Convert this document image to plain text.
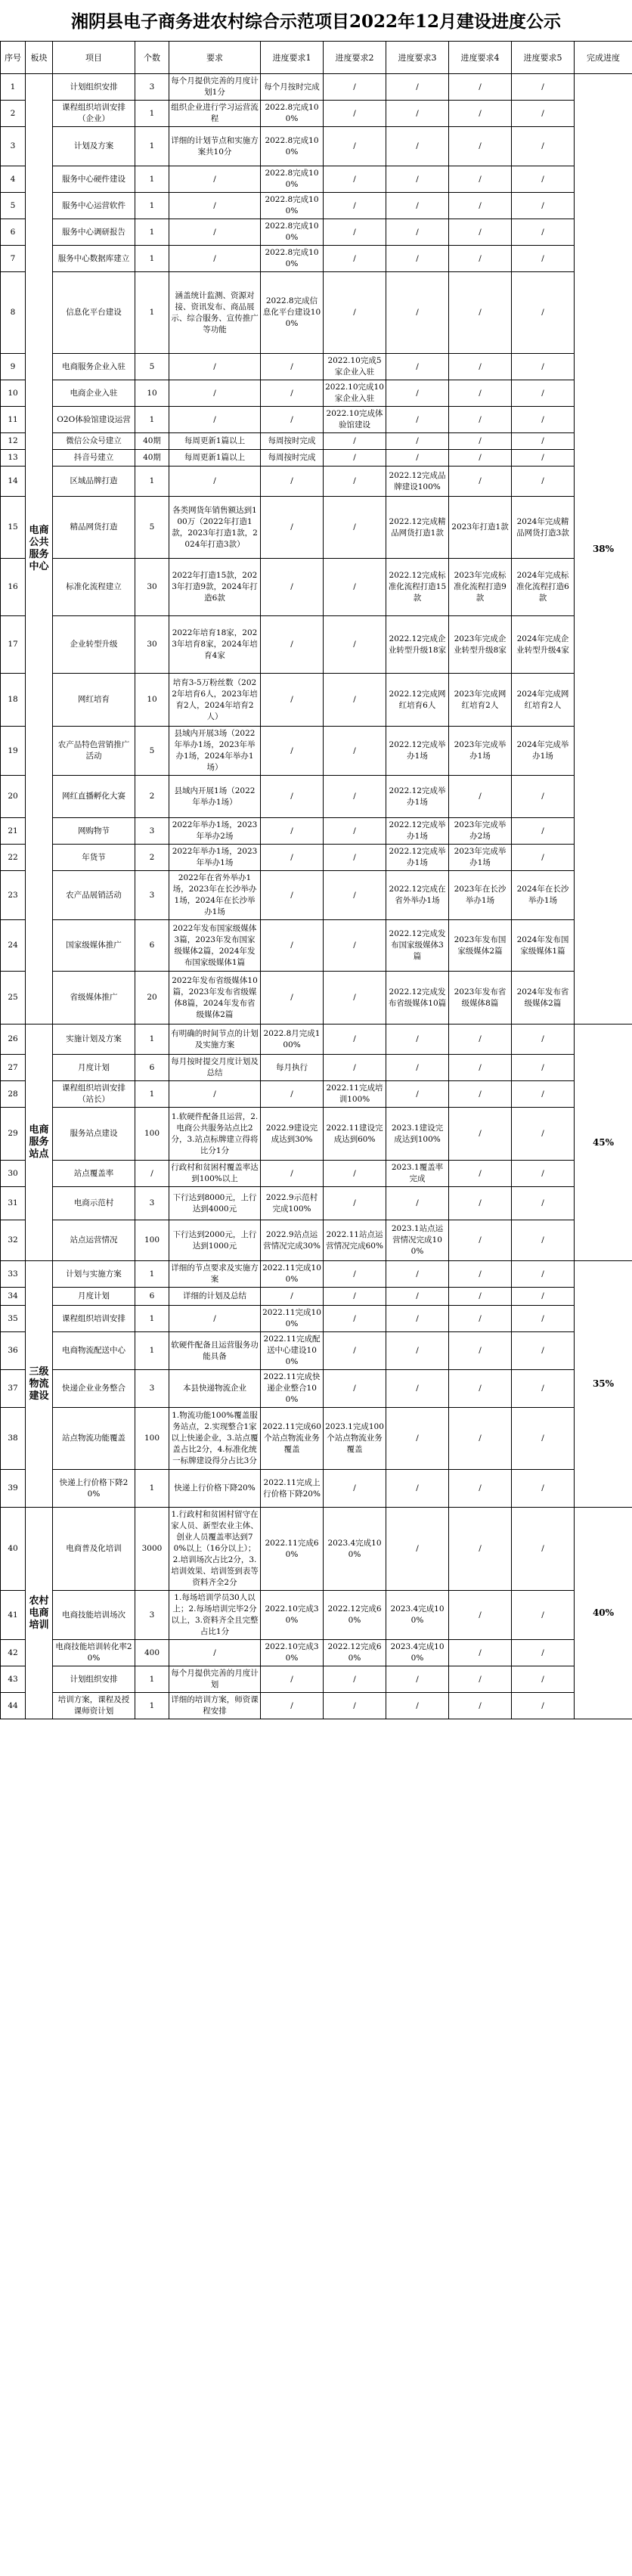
湘阴县电子商务进农村综合示范项目2022年12月建设进度公示
序号	板块	项目	个数	要求	进度要求1	进度要求2	进度要求3	进度要求4	进度要求5	完成进度
1	电商公共服务中心	计划组织安排	3	每个月提供完善的月度计划1分	每个月按时完成	/	/	/	/	38%
2		课程组织培训安排（企业）	1	组织企业进行学习运营流程	2022.8完成100%	/	/	/	/	
3		计划及方案	1	详细的计划节点和实施方案共10分	2022.8完成100%	/	/	/	/	
4		服务中心硬件建设	1	/	2022.8完成100%	/	/	/	/	
5		服务中心运营软件	1	/	2022.8完成100%	/	/	/	/	
6		服务中心调研报告	1	/	2022.8完成100%	/	/	/	/	
7		服务中心数据库建立	1	/	2022.8完成100%	/	/	/	/	
8		信息化平台建设	1	涵盖统计监测、资源对接、资讯发布、商品展示、综合服务、宣传推广等功能	2022.8完成信息化平台建设100%	/	/	/	/	
9		电商服务企业入驻	5	/	/	2022.10完成5家企业入驻	/	/	/	
10		电商企业入驻	10	/	/	2022.10完成10家企业入驻	/	/	/	
11		O2O体验馆建设运营	1	/	/	2022.10完成体验馆建设	/	/	/	
12		微信公众号建立	40期	每周更新1篇以上	每周按时完成	/	/	/	/	
13		抖音号建立	40期	每周更新1篇以上	每周按时完成	/	/	/	/	
14		区域品牌打造	1	/	/	/	2022.12完成品牌建设100%	/	/	
15		精品网货打造	5	各类网货年销售额达到100万（2022年打造1款，2023年打造1款，2024年打造3款）	/	/	2022.12完成精品网货打造1款	2023年打造1款	2024年完成精品网货打造3款	
16		标准化流程建立	30	2022年打造15款，2023年打造9款，2024年打造6款	/	/	2022.12完成标准化流程打造15款	2023年完成标准化流程打造9款	2024年完成标准化流程打造6款	
17		企业转型升级	30	2022年培育18家，2023年培育8家，2024年培育4家	/	/	2022.12完成企业转型升级18家	2023年完成企业转型升级8家	2024年完成企业转型升级4家	
18		网红培育	10	培育3-5万粉丝数（2022年培育6人，2023年培育2人，2024年培育2人）	/	/	2022.12完成网红培育6人	2023年完成网红培育2人	2024年完成网红培育2人	
19		农产品特色营销推广活动	5	县域内开展3场（2022年举办1场，2023年举办1场，2024年举办1场）	/	/	2022.12完成举办1场	2023年完成举办1场	2024年完成举办1场	
20		网红直播孵化大赛	2	县域内开展1场（2022年举办1场）	/	/	2022.12完成举办1场	/	/	
21		网购物节	3	2022年举办1场，2023年举办2场	/	/	2022.12完成举办1场	2023年完成举办2场	/	
22		年货节	2	2022年举办1场，2023年举办1场	/	/	2022.12完成举办1场	2023年完成举办1场	/	
23		农产品展销活动	3	2022年在省外举办1场，2023年在长沙举办1场，2024年在长沙举办1场	/	/	2022.12完成在省外举办1场	2023年在长沙举办1场	2024年在长沙举办1场	
24		国家级媒体推广	6	2022年发布国家级媒体3篇，2023年发布国家级媒体2篇，2024年发布国家级媒体1篇	/	/	2022.12完成发布国家级媒体3篇	2023年发布国家级媒体2篇	2024年发布国家级媒体1篇	
25		省级媒体推广	20	2022年发布省级媒体10篇，2023年发布省级媒体8篇，2024年发布省级媒体2篇	/	/	2022.12完成发布省级媒体10篇	2023年发布省级媒体8篇	2024年发布省级媒体2篇	
26	电商服务站点	实施计划及方案	1	有明确的时间节点的计划及实施方案	2022.8月完成100%	/	/	/	/	45%
27		月度计划	6	每月按时提交月度计划及总结	每月执行	/	/	/	/	
28		课程组织培训安排（站长）	1	/	/	2022.11完成培训100%	/	/	/	
29		服务站点建设	100	1.软硬件配备且运营，2.电商公共服务站点比2分，3.站点标牌建立得将比分1分	2022.9建设完成达到30%	2022.11建设完成达到60%	2023.1建设完成达到100%	/	/	
30		站点覆盖率	/	行政村和贫困村覆盖率达到100%以上	/	/	2023.1覆盖率完成	/	/	
31		电商示范村	3	下行达到8000元，上行达到4000元	2022.9示范村完成100%	/	/	/	/	
32		站点运营情况	100	下行达到2000元，上行达到1000元	2022.9站点运营情况完成30%	2022.11站点运营情况完成60%	2023.1站点运营情况完成100%	/	/	
33	三级物流建设	计划与实施方案	1	详细的节点要求及实施方案	2022.11完成100%	/	/	/	/	35%
34		月度计划	6	详细的计划及总结	/	/	/	/	/	
35		课程组织培训安排	1	/	2022.11完成100%	/	/	/	/	
36		电商物流配送中心	1	软硬件配备且运营服务功能具备	2022.11完成配送中心建设100%	/	/	/	/	
37		快递企业业务整合	3	本县快递物流企业	2022.11完成快递企业整合100%	/	/	/	/	
38		站点物流功能覆盖	100	1.物流功能100%覆盖服务站点，2.实现整合1家以上快递企业，3.站点覆盖占比2分，4.标准化统一标牌建设得分占比3分	2022.11完成60个站点物流业务覆盖	2023.1完成100个站点物流业务覆盖	/	/	/	
39		快递上行价格下降20%	1	快递上行价格下降20%	2022.11完成上行价格下降20%	/	/	/	/	
40	农村电商培训	电商普及化培训	3000	1.行政村和贫困村留守在家人员、新型农业主体、创业人员覆盖率达到70%以上（16分以上）；2.培训场次占比2分，3.培训效果、培训签到表等资料齐全2分	2022.11完成60%	2023.4完成100%	/	/	/	40%
41		电商技能培训场次	3	1.每场培训学员30人以上；2.每场培训完毕2分以上，3.资料齐全且完整占比1分	2022.10完成30%	2022.12完成60%	2023.4完成100%	/	/	
42		电商技能培训转化率20%	400	/	2022.10完成30%	2022.12完成60%	2023.4完成100%	/	/	
43		计划组织安排	1	每个月提供完善的月度计划	/	/	/	/	/	
44		培训方案，课程及授课师资计划	1	详细的培训方案，师资课程安排	/	/	/	/	/	
